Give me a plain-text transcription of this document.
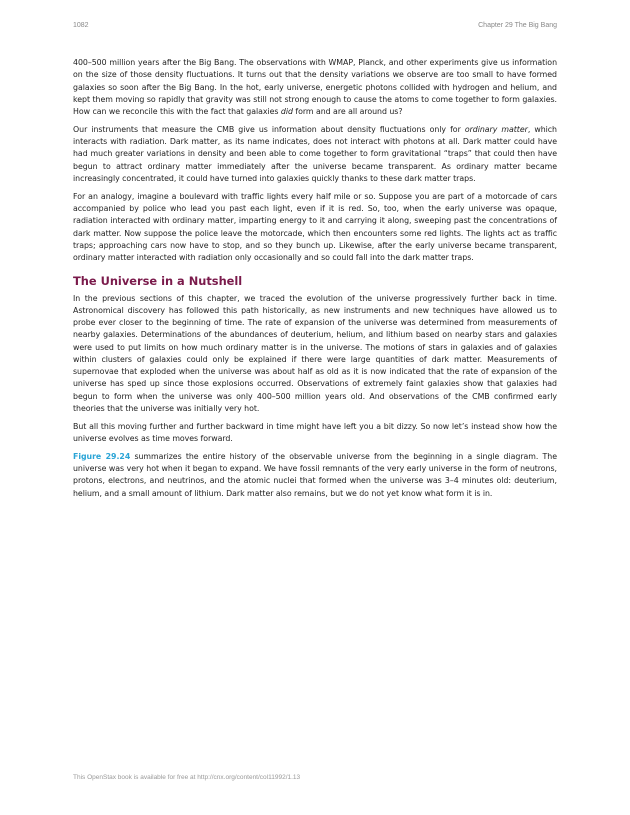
1082	Chapter 29 The Big Bang

400–500 million years after the Big Bang. The observations with WMAP, Planck, and other experiments give us information on the size of those density fluctuations. It turns out that the density variations we observe are too small to have formed galaxies so soon after the Big Bang. In the hot, early universe, energetic photons collided with hydrogen and helium, and kept them moving so rapidly that gravity was still not strong enough to cause the atoms to come together to form galaxies. How can we reconcile this with the fact that galaxies did form and are all around us?

Our instruments that measure the CMB give us information about density fluctuations only for ordinary matter, which interacts with radiation. Dark matter, as its name indicates, does not interact with photons at all. Dark matter could have had much greater variations in density and been able to come together to form gravitational “traps” that could then have begun to attract ordinary matter immediately after the universe became transparent. As ordinary matter became increasingly concentrated, it could have turned into galaxies quickly thanks to these dark matter traps.

For an analogy, imagine a boulevard with traffic lights every half mile or so. Suppose you are part of a motorcade of cars accompanied by police who lead you past each light, even if it is red. So, too, when the early universe was opaque, radiation interacted with ordinary matter, imparting energy to it and carrying it along, sweeping past the concentrations of dark matter. Now suppose the police leave the motorcade, which then encounters some red lights. The lights act as traffic traps; approaching cars now have to stop, and so they bunch up. Likewise, after the early universe became transparent, ordinary matter interacted with radiation only occasionally and so could fall into the dark matter traps.

The Universe in a Nutshell

In the previous sections of this chapter, we traced the evolution of the universe progressively further back in time. Astronomical discovery has followed this path historically, as new instruments and new techniques have allowed us to probe ever closer to the beginning of time. The rate of expansion of the universe was determined from measurements of nearby galaxies. Determinations of the abundances of deuterium, helium, and lithium based on nearby stars and galaxies were used to put limits on how much ordinary matter is in the universe. The motions of stars in galaxies and of galaxies within clusters of galaxies could only be explained if there were large quantities of dark matter. Measurements of supernovae that exploded when the universe was about half as old as it is now indicated that the rate of expansion of the universe has sped up since those explosions occurred. Observations of extremely faint galaxies show that galaxies had begun to form when the universe was only 400–500 million years old. And observations of the CMB confirmed early theories that the universe was initially very hot.

But all this moving further and further backward in time might have left you a bit dizzy. So now let’s instead show how the universe evolves as time moves forward.

Figure 29.24 summarizes the entire history of the observable universe from the beginning in a single diagram. The universe was very hot when it began to expand. We have fossil remnants of the very early universe in the form of neutrons, protons, electrons, and neutrinos, and the atomic nuclei that formed when the universe was 3–4 minutes old: deuterium, helium, and a small amount of lithium. Dark matter also remains, but we do not yet know what form it is in.

This OpenStax book is available for free at http://cnx.org/content/col11992/1.13
